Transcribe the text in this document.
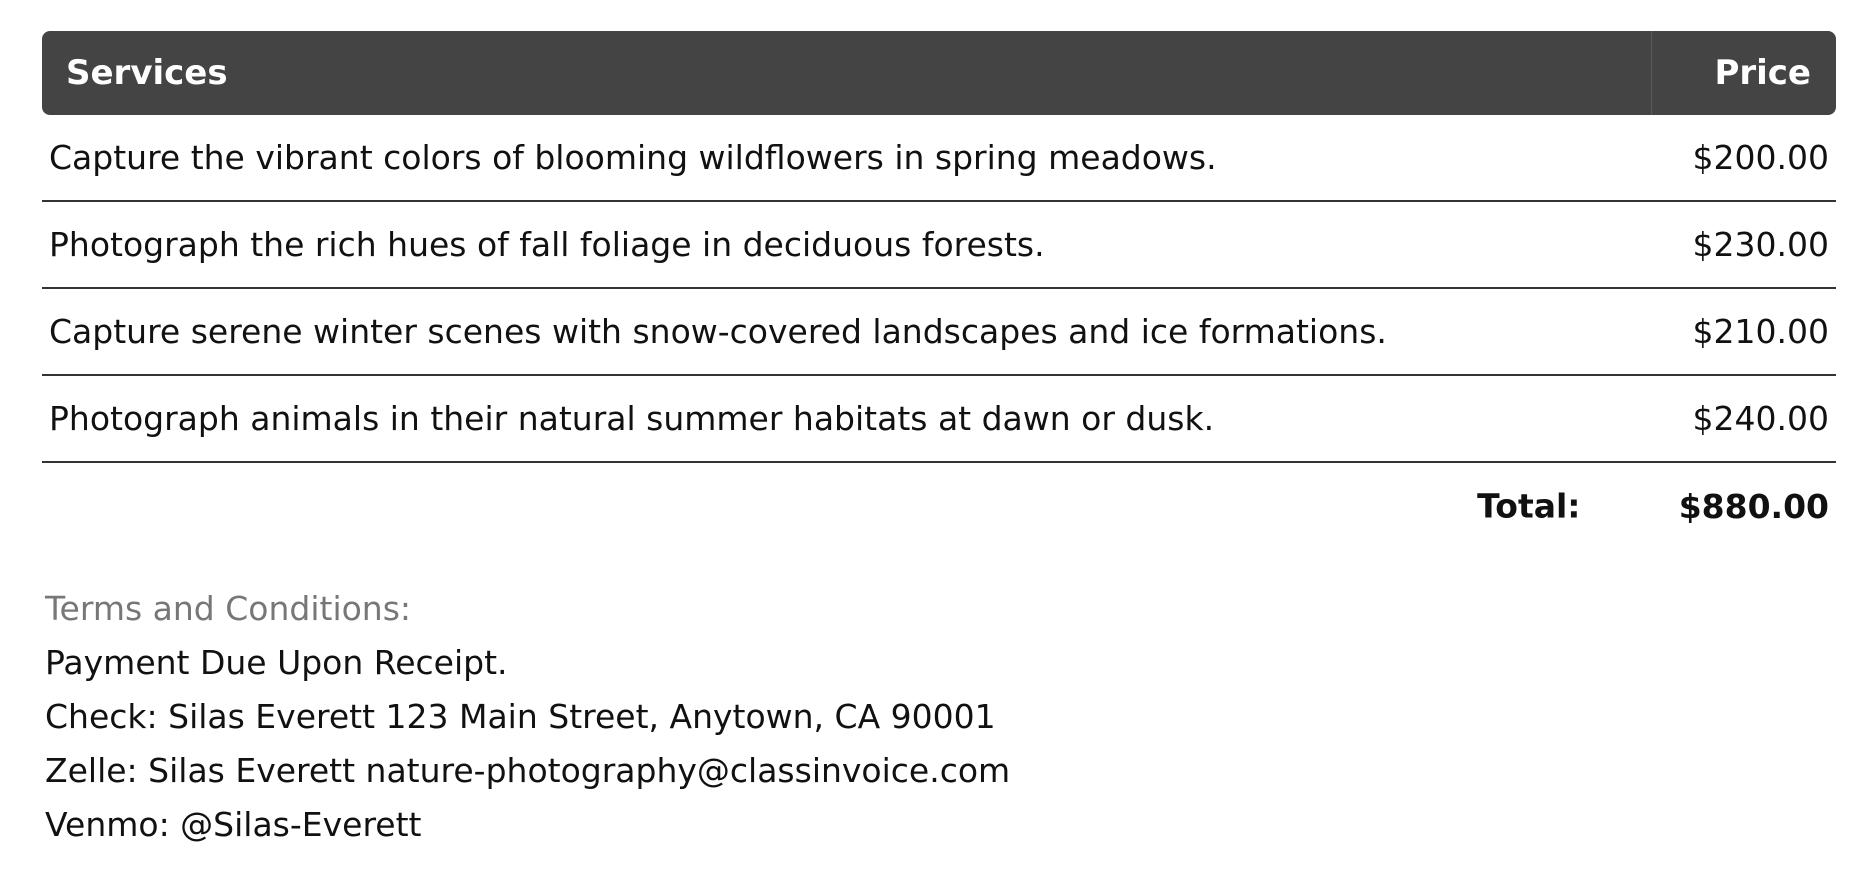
Services	Price
Capture the vibrant colors of blooming wildflowers in spring meadows.	$200.00
Photograph the rich hues of fall foliage in deciduous forests.	$230.00
Capture serene winter scenes with snow-covered landscapes and ice formations.	$210.00
Photograph animals in their natural summer habitats at dawn or dusk.	$240.00

Total:	$880.00
Terms and Conditions:
Payment Due Upon Receipt.
Check: Silas Everett 123 Main Street, Anytown, CA 90001
Zelle: Silas Everett nature-photography@classinvoice.com
Venmo: @Silas-Everett
